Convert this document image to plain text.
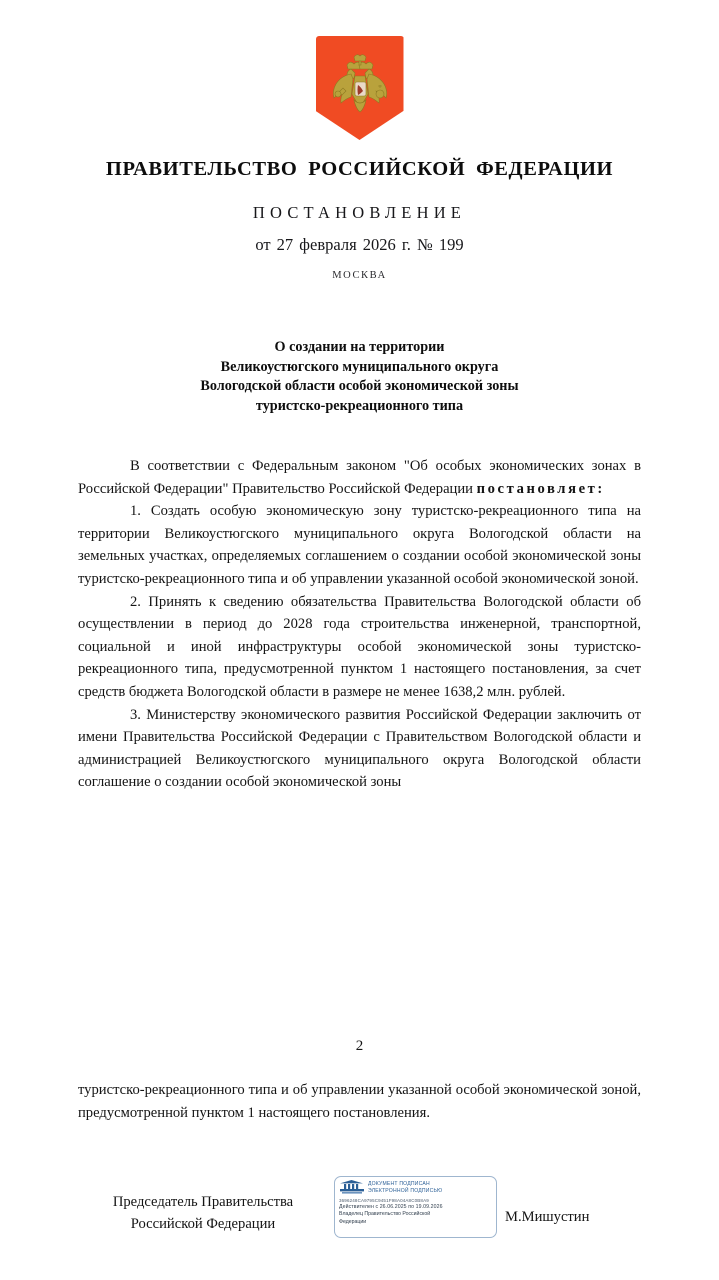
ПРАВИТЕЛЬСТВО РОССИЙСКОЙ ФЕДЕРАЦИИ
ПОСТАНОВЛЕНИЕ
от 27 февраля 2026 г. № 199
МОСКВА
О создании на территории
Великоустюгского муниципального округа
Вологодской области особой экономической зоны
туристско-рекреационного типа

В соответствии с Федеральным законом "Об особых экономических зонах в Российской Федерации" Правительство Российской Федерации постановляет:

1. Создать особую экономическую зону туристско-рекреационного типа на территории Великоустюгского муниципального округа Вологодской области на земельных участках, определяемых соглашением о создании особой экономической зоны туристско-рекреационного типа и об управлении указанной особой экономической зоной.

2. Принять к сведению обязательства Правительства Вологодской области об осуществлении в период до 2028 года строительства инженерной, транспортной, социальной и иной инфраструктуры особой экономической зоны туристско-рекреационного типа, предусмотренной пунктом 1 настоящего постановления, за счет средств бюджета Вологодской области в размере не менее 1638,2 млн. рублей.

3. Министерству экономического развития Российской Федерации заключить от имени Правительства Российской Федерации с Правительством Вологодской области и администрацией Великоустюгского муниципального округа Вологодской области соглашение о создании особой экономической зоны

2

туристско-рекреационного типа и об управлении указанной особой экономической зоной, предусмотренной пунктом 1 настоящего постановления.

Председатель Правительства
Российской Федерации	М.Мишустин
ДОКУМЕНТ ПОДПИСАН
ЭЛЕКТРОННОЙ ПОДПИСЬЮ
3696248CA9795C9451F98A04A8C0B8A9
Действителен с 26.06.2025 по 19.09.2026
Владелец Правительство Российской
Федерации
